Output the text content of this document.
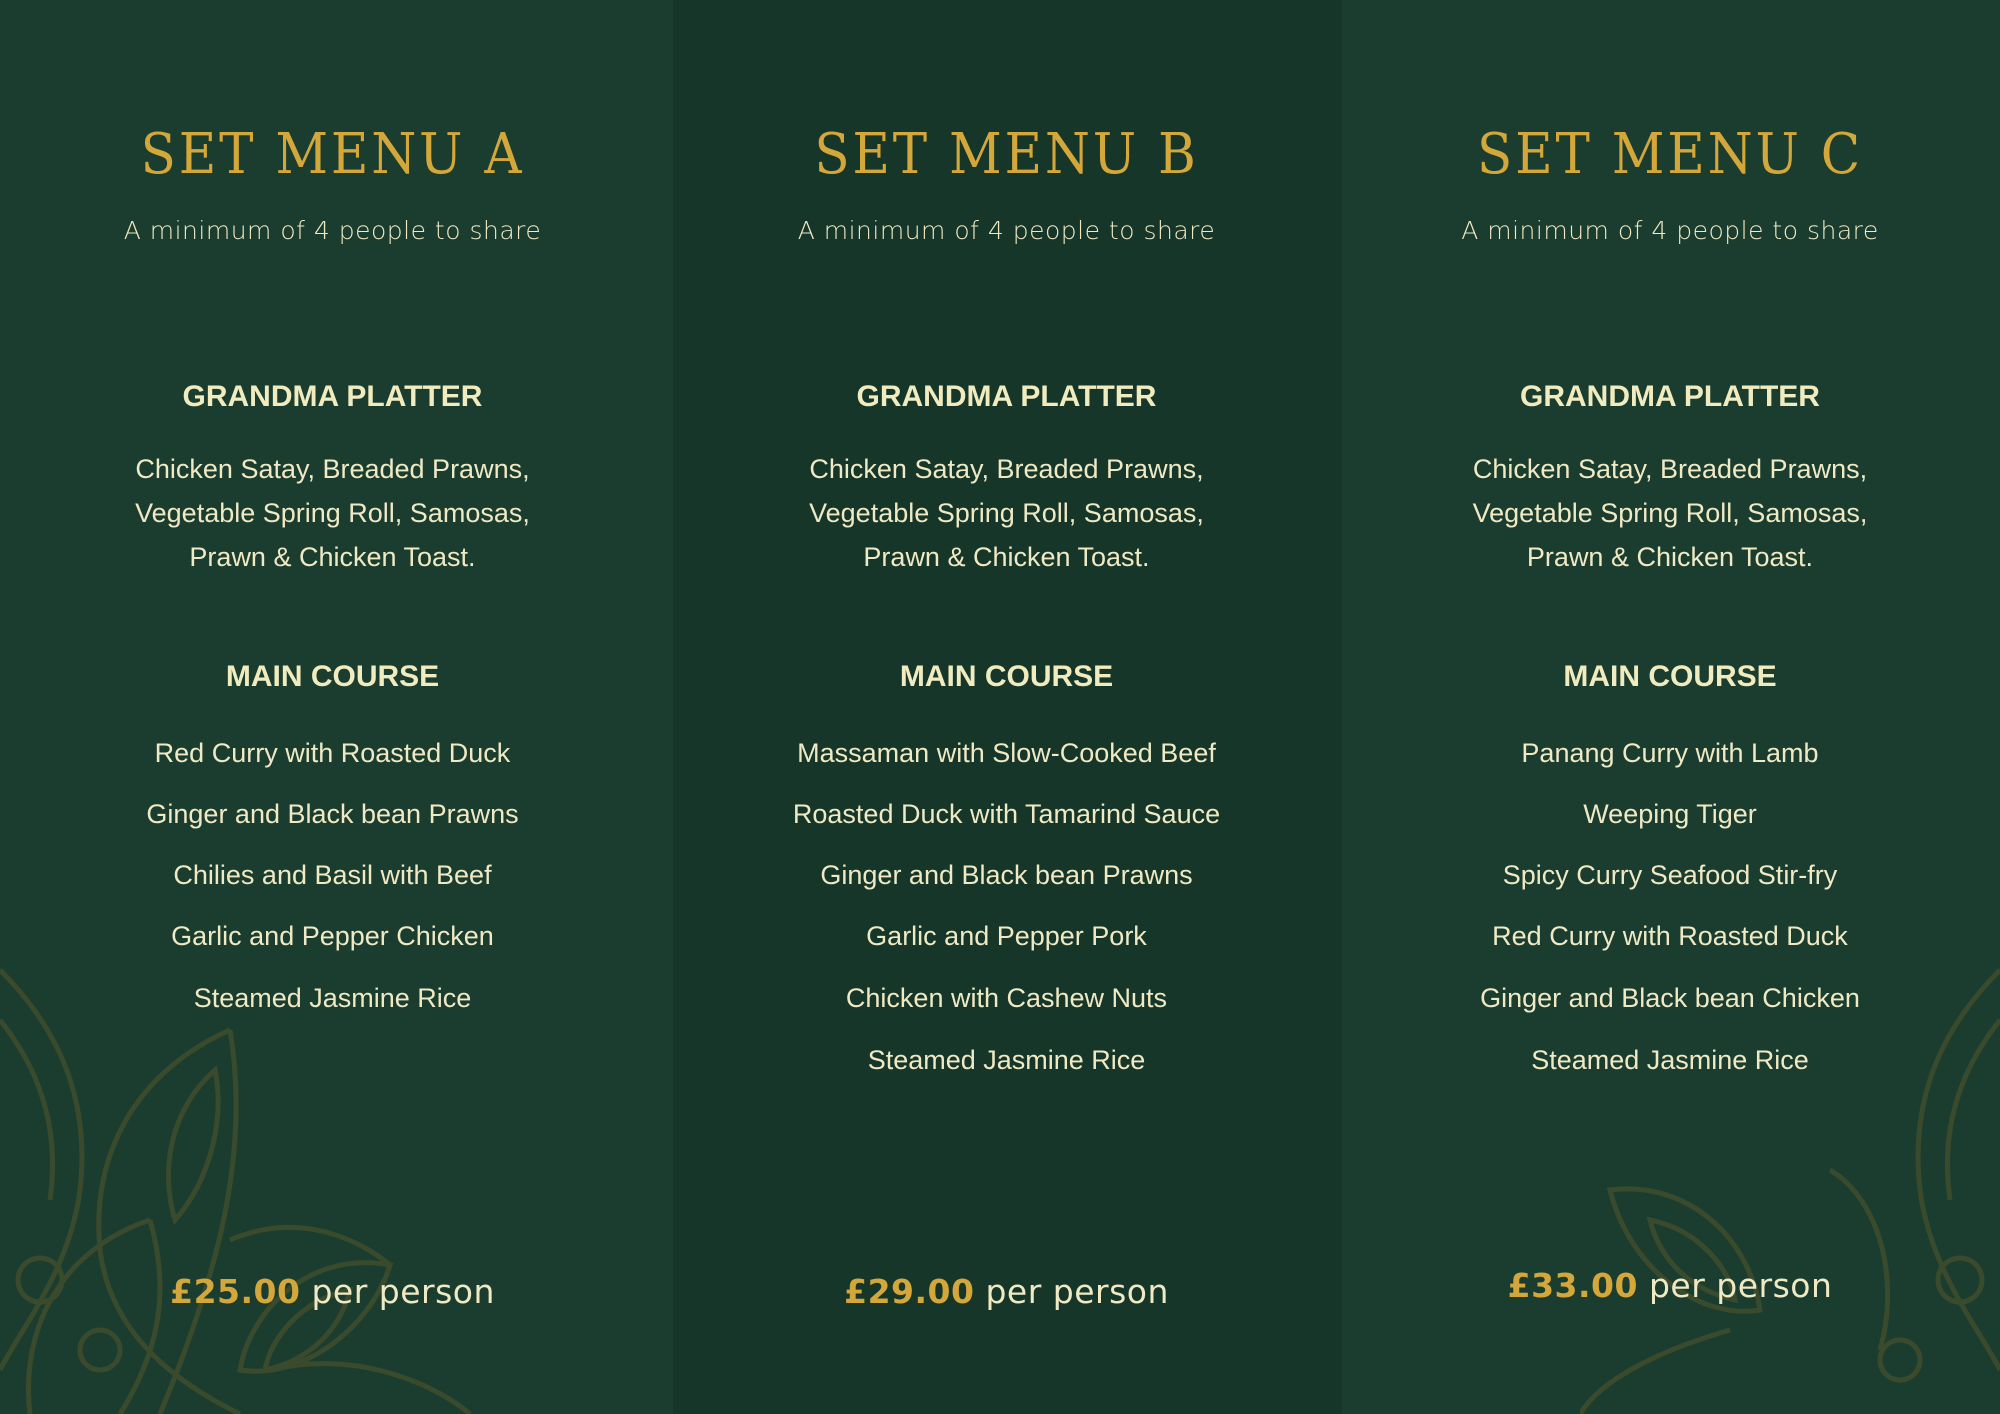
SET MENU A
A minimum of 4 people to share
GRANDMA PLATTER
Chicken Satay, Breaded Prawns,
Vegetable Spring Roll, Samosas,
Prawn & Chicken Toast.
MAIN COURSE
Red Curry with Roasted Duck
Ginger and Black bean Prawns
Chilies and Basil with Beef
Garlic and Pepper Chicken
Steamed Jasmine Rice
£25.00 per person
SET MENU B
A minimum of 4 people to share
GRANDMA PLATTER
Chicken Satay, Breaded Prawns,
Vegetable Spring Roll, Samosas,
Prawn & Chicken Toast.
MAIN COURSE
Massaman with Slow-Cooked Beef
Roasted Duck with Tamarind Sauce
Ginger and Black bean Prawns
Garlic and Pepper Pork
Chicken with Cashew Nuts
Steamed Jasmine Rice
£29.00 per person
SET MENU C
A minimum of 4 people to share
GRANDMA PLATTER
Chicken Satay, Breaded Prawns,
Vegetable Spring Roll, Samosas,
Prawn & Chicken Toast.
MAIN COURSE
Panang Curry with Lamb
Weeping Tiger
Spicy Curry Seafood Stir-fry
Red Curry with Roasted Duck
Ginger and Black bean Chicken
Steamed Jasmine Rice
£33.00 per person
